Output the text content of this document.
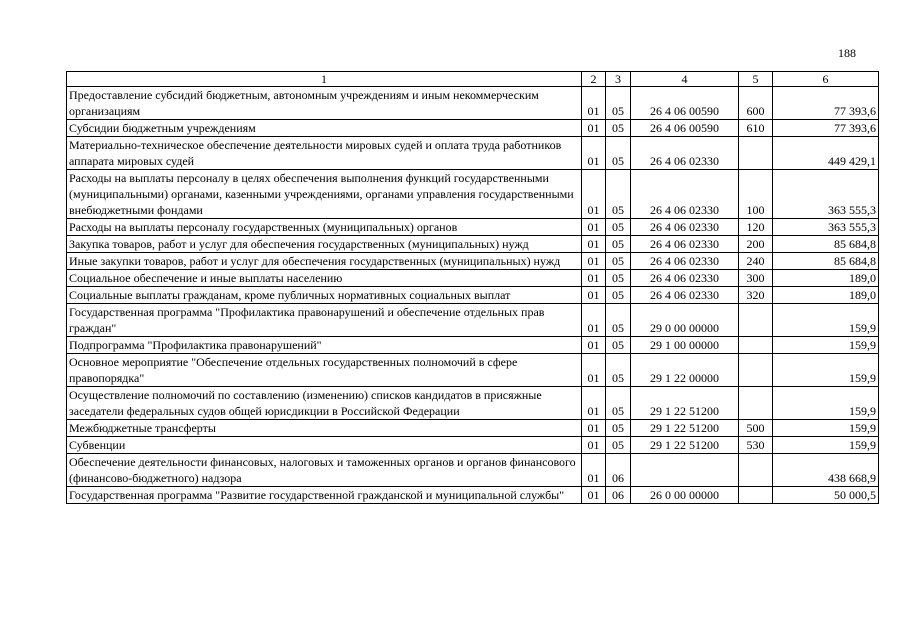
188
1	2	3	4	5	6
Предоставление субсидий бюджетным, автономным учреждениям и иным некоммерческим организациям	01	05	26 4 06 00590	600	77 393,6
Субсидии бюджетным учреждениям	01	05	26 4 06 00590	610	77 393,6
Материально-техническое обеспечение деятельности мировых судей и оплата труда работников аппарата мировых судей	01	05	26 4 06 02330		449 429,1
Расходы на выплаты персоналу в целях обеспечения выполнения функций государственными (муниципальными) органами, казенными учреждениями, органами управления государственными внебюджетными фондами	01	05	26 4 06 02330	100	363 555,3
Расходы на выплаты персоналу государственных (муниципальных) органов	01	05	26 4 06 02330	120	363 555,3
Закупка товаров, работ и услуг для обеспечения государственных (муниципальных) нужд	01	05	26 4 06 02330	200	85 684,8
Иные закупки товаров, работ и услуг для обеспечения государственных (муниципальных) нужд	01	05	26 4 06 02330	240	85 684,8
Социальное обеспечение и иные выплаты населению	01	05	26 4 06 02330	300	189,0
Социальные выплаты гражданам, кроме публичных нормативных социальных выплат	01	05	26 4 06 02330	320	189,0
Государственная программа "Профилактика правонарушений и обеспечение отдельных прав граждан"	01	05	29 0 00 00000		159,9
Подпрограмма "Профилактика правонарушений"	01	05	29 1 00 00000		159,9
Основное мероприятие "Обеспечение отдельных государственных полномочий в сфере правопорядка"	01	05	29 1 22 00000		159,9
Осуществление полномочий по составлению (изменению) списков кандидатов в присяжные заседатели федеральных судов общей юрисдикции в Российской Федерации	01	05	29 1 22 51200		159,9
Межбюджетные трансферты	01	05	29 1 22 51200	500	159,9
Субвенции	01	05	29 1 22 51200	530	159,9
Обеспечение деятельности финансовых, налоговых и таможенных органов и органов финансового (финансово-бюджетного) надзора	01	06			438 668,9
Государственная программа "Развитие государственной гражданской и муниципальной службы"	01	06	26 0 00 00000		50 000,5
